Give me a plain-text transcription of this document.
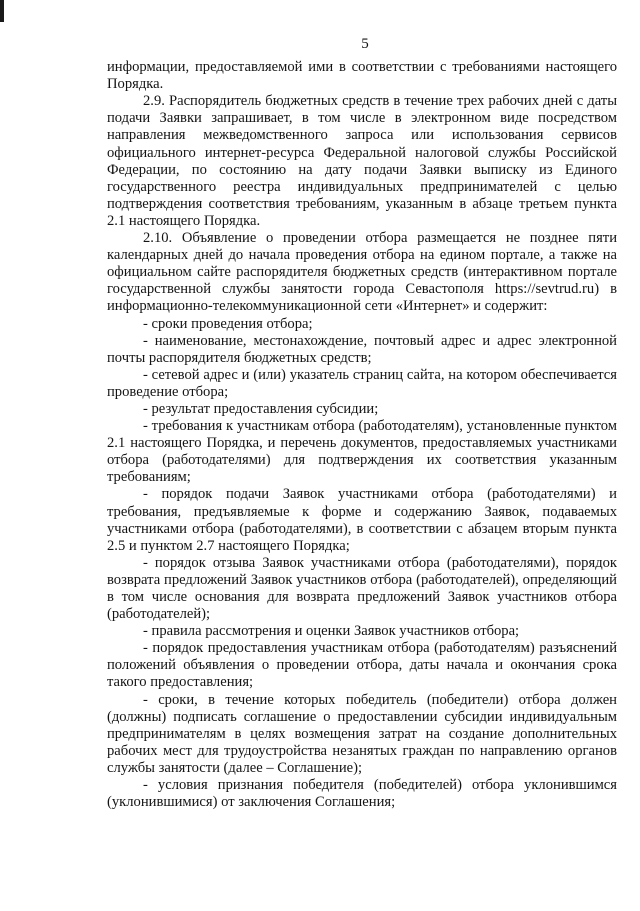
5

информации, предоставляемой ими в соответствии с требованиями настоящего Порядка.

2.9. Распорядитель бюджетных средств в течение трех рабочих дней с даты подачи Заявки запрашивает, в том числе в электронном виде посредством направления межведомственного запроса или использования сервисов официального интернет-ресурса Федеральной налоговой службы Российской Федерации, по состоянию на дату подачи Заявки выписку из Единого государственного реестра индивидуальных предпринимателей с целью подтверждения соответствия требованиям, указанным в абзаце третьем пункта 2.1 настоящего Порядка.

2.10. Объявление о проведении отбора размещается не позднее пяти календарных дней до начала проведения отбора на едином портале, а также на официальном сайте распорядителя бюджетных средств (интерактивном портале государственной службы занятости города Севастополя https://sevtrud.ru) в информационно-телекоммуникационной сети «Интернет» и содержит:

- сроки проведения отбора;

- наименование, местонахождение, почтовый адрес и адрес электронной почты распорядителя бюджетных средств;

- сетевой адрес и (или) указатель страниц сайта, на котором обеспечивается проведение отбора;

- результат предоставления субсидии;

- требования к участникам отбора (работодателям), установленные пунктом 2.1 настоящего Порядка, и перечень документов, предоставляемых участниками отбора (работодателями) для подтверждения их соответствия указанным требованиям;

- порядок подачи Заявок участниками отбора (работодателями) и требования, предъявляемые к форме и содержанию Заявок, подаваемых участниками отбора (работодателями), в соответствии с абзацем вторым пункта 2.5 и пунктом 2.7 настоящего Порядка;

- порядок отзыва Заявок участниками отбора (работодателями), порядок возврата предложений Заявок участников отбора (работодателей), определяющий в том числе основания для возврата предложений Заявок участников отбора (работодателей);

- правила рассмотрения и оценки Заявок участников отбора;

- порядок предоставления участникам отбора (работодателям) разъяснений положений объявления о проведении отбора, даты начала и окончания срока такого предоставления;

- сроки, в течение которых победитель (победители) отбора должен (должны) подписать соглашение о предоставлении субсидии индивидуальным предпринимателям в целях возмещения затрат на создание дополнительных рабочих мест для трудоустройства незанятых граждан по направлению органов службы занятости (далее – Соглашение);

- условия признания победителя (победителей) отбора уклонившимся (уклонившимися) от заключения Соглашения;
